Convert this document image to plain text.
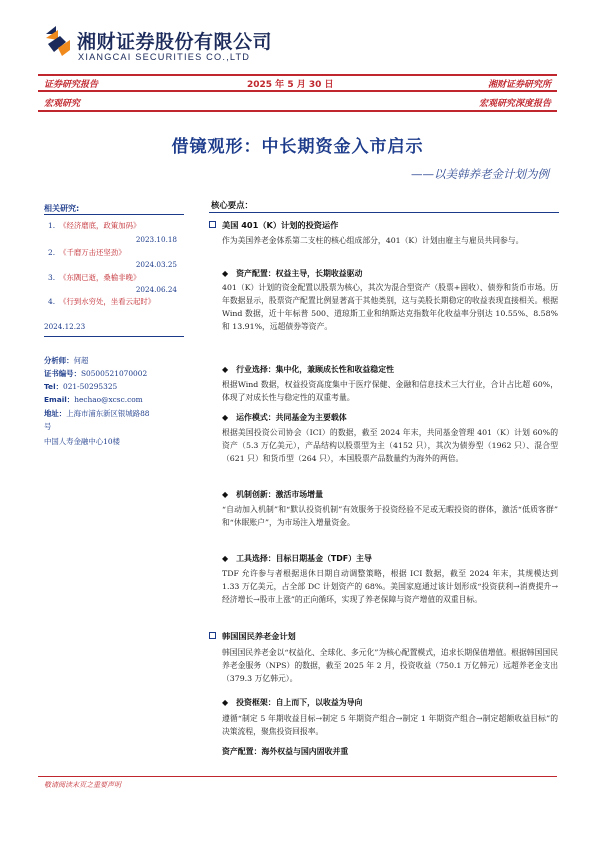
湘财证券股份有限公司
XIANGCAI SECURITIES CO.,LTD
证券研究报告	2025 年 5 月 30 日	湘财证券研究所
宏观研究	宏观研究深度报告
借镜观形：中长期资金入市启示
——以美韩养老金计划为例
相关研究:
1. 《经济磨底，政策加码》
2023.10.18
2. 《千磨万击还坚劲》
2024.03.25
3. 《东隅已逝，桑榆非晚》
2024.06.24
4. 《行到水穷处，坐看云起时》
2024.12.23
分析师：何超
证书编号：S0500521070002
Tel：021-50295325
Email：hechao@xcsc.com
地址：上海市浦东新区银城路88
号
中国人寿金融中心10楼
核心要点：
美国 401（K）计划的投资运作
作为美国养老金体系第二支柱的核心组成部分，401（K）计划由雇主与雇员共同参与。
◆ 资产配置：权益主导，长期收益驱动
401（K）计划的资金配置以股票为核心，其次为混合型资产（股票+固收）、债券和货币市场。历年数据显示，股票资产配置比例显著高于其他类别，这与美股长期稳定的收益表现直接相关。根据Wind 数据，近十年标普 500、道琼斯工业和纳斯达克指数年化收益率分别达 10.55%、8.58%和 13.91%，远超债券等资产。
◆ 行业选择：集中化，兼顾成长性和收益稳定性
根据Wind 数据，权益投资高度集中于医疗保健、金融和信息技术三大行业，合计占比超 60%，体现了对成长性与稳定性的双重考量。
◆ 运作模式：共同基金为主要载体
根据美国投资公司协会（ICI）的数据，截至 2024 年末，共同基金管理 401（K）计划 60%的资产（5.3 万亿美元），产品结构以股票型为主（4152 只），其次为债券型（1962 只）、混合型（621 只）和货币型（264 只），本国股票产品数量约为海外的两倍。
◆ 机制创新：激活市场增量
“自动加入机制”和“默认投资机制”有效服务于投资经验不足或无暇投资的群体，激活“低质客群” 和“休眠账户”，为市场注入增量资金。
◆ 工具选择：目标日期基金（TDF）主导
TDF 允许参与者根据退休日期自动调整策略，根据 ICI 数据，截至 2024 年末，其规模达到 1.33 万亿美元，占全部 DC 计划资产的 68%。美国家庭通过该计划形成“投资获利→消费提升→经济增长→股市上涨”的正向循环，实现了养老保障与资产增值的双重目标。
韩国国民养老金计划
韩国国民养老金以“权益化、全球化、多元化”为核心配置模式，追求长期保值增值。根据韩国国民养老金服务（NPS）的数据，截至 2025 年 2 月，投资收益（750.1 万亿韩元）远超养老金支出（379.3 万亿韩元）。
◆ 投资框架：自上而下，以收益为导向
遵循“制定 5 年期收益目标→制定 5 年期资产组合→制定 1 年期资产组合→制定超额收益目标”的决策流程，聚焦投资回报率。
资产配置：海外权益与国内固收并重
敬请阅读末页之重要声明
